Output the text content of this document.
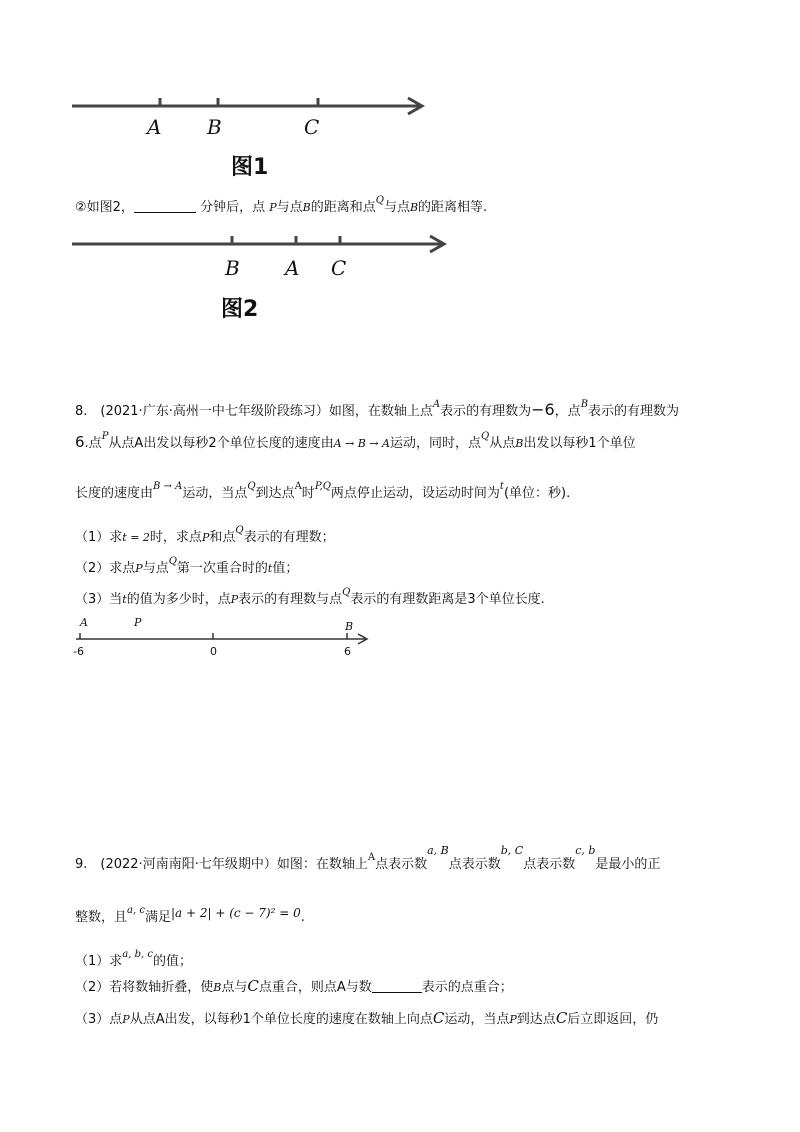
A B	C
图1
②如图2，	分钟后，点 P与点B的距离和点$^Q$与点B的距离相等.
B A C
图2
8.　(2021·广东·高州一中七年级阶段练习）如图，在数轴上点$^A$表示的有理数为−6，点$^B$表示的有理数为
6.点$^P$从点A出发以每秒2个单位长度的速度由A → B → A运动，同时，点$^Q$从点B出发以每秒1个单位
长度的速度由$^{B \to A}$运动，当点$^Q$到达点$^A$时$^{P,Q}$两点停止运动，设运动时间为$^t$(单位：秒).
（1）求t = 2时，求点P和点$^Q$表示的有理数；
（2）求点P与点$^Q$第一次重合时的t值；
（3）当t的值为多少时，点P表示的有理数与点$^Q$表示的有理数距离是3个单位长度.
A	P	B
-6	0	6
9.　(2022·河南南阳·七年级期中）如图：在数轴上$^A$点表示数$^{a, B}$点表示数$^{b, C}$点表示数$^{c, b}$是最小的正
整数，且$^{a, c}$满足|a + 2| + (c − 7)² = 0.
（1）求$^{a, b, c}$的值；
（2）若将数轴折叠，使B点与C点重合，则点A与数	表示的点重合；
（3）点P从点A出发，以每秒1个单位长度的速度在数轴上向点C运动，当点P到达点C后立即返回，仍
